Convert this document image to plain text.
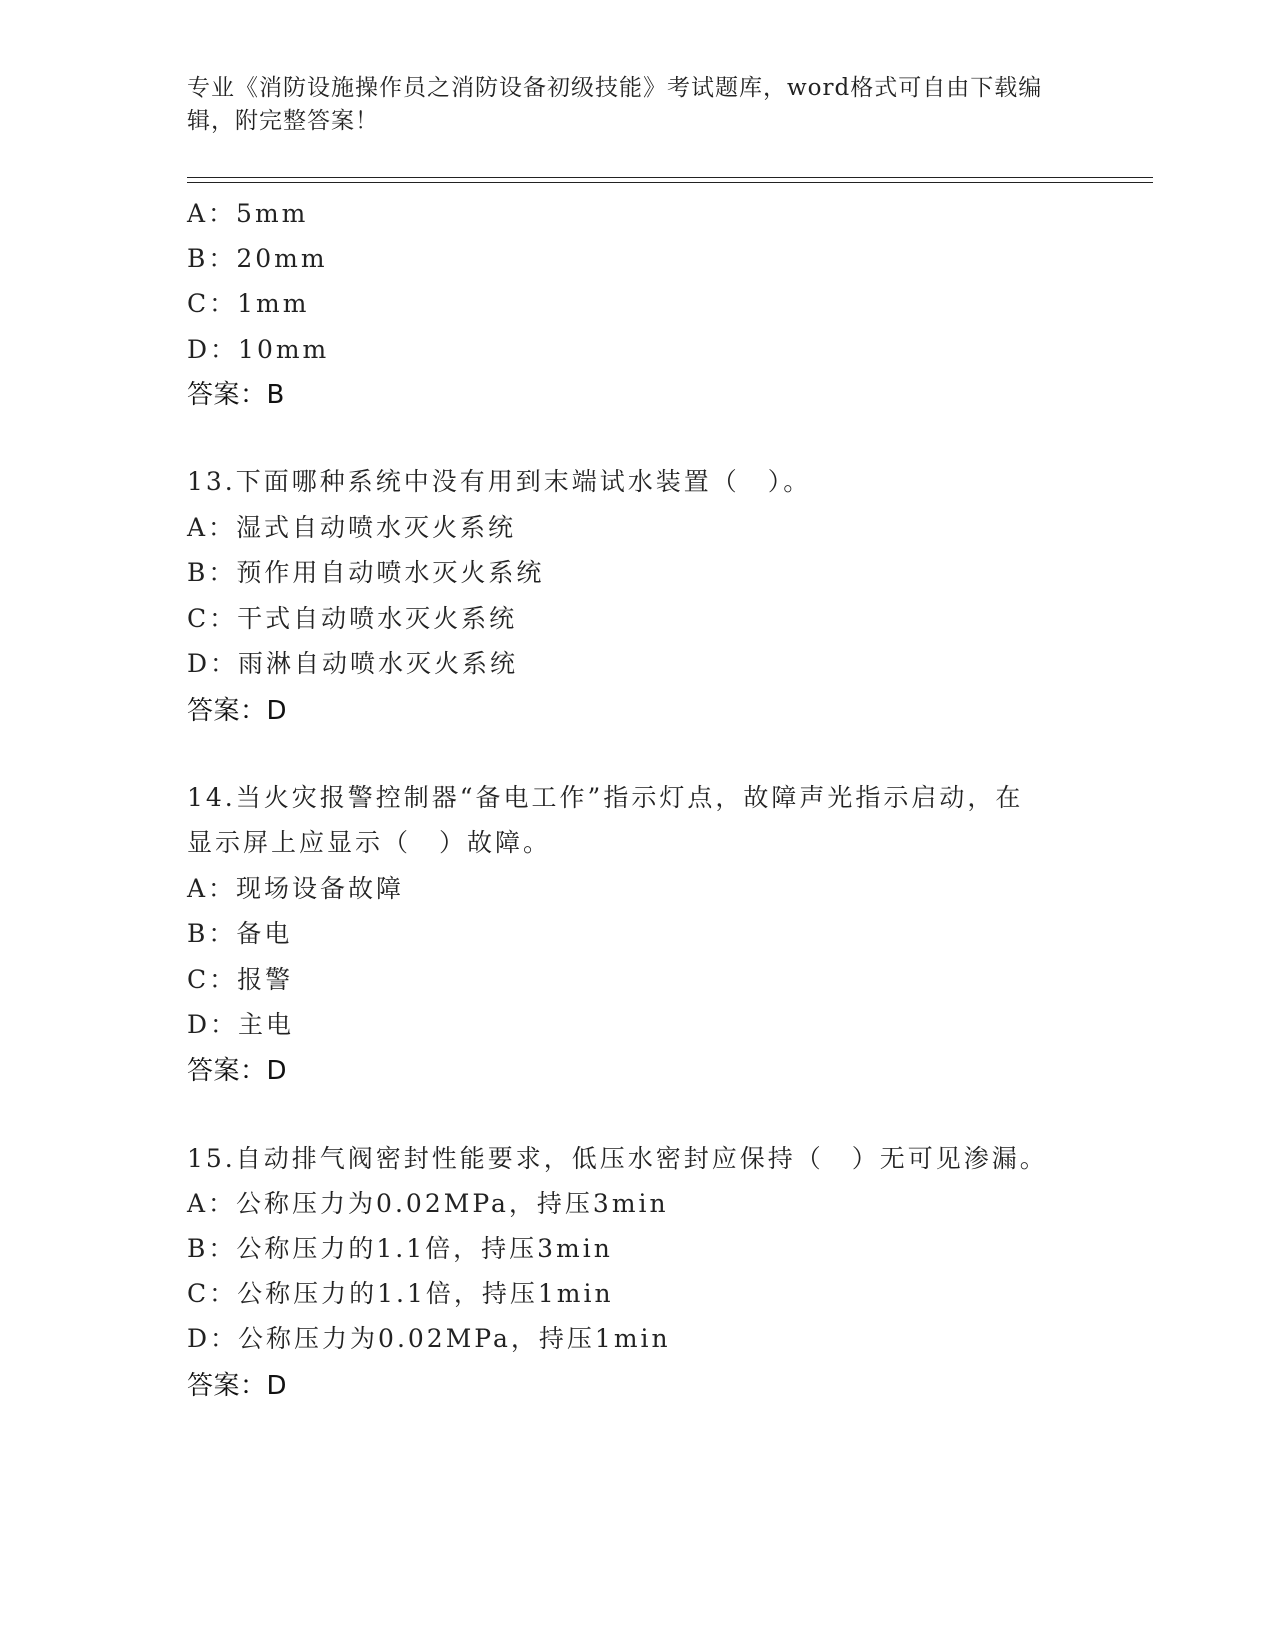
专业《消防设施操作员之消防设备初级技能》考试题库，word格式可自由下载编辑，附完整答案！
A：5mm
B：20mm
C：1mm
D：10mm
答案：B
13.下面哪种系统中没有用到末端试水装置（　）。
A：湿式自动喷水灭火系统
B：预作用自动喷水灭火系统
C：干式自动喷水灭火系统
D：雨淋自动喷水灭火系统
答案：D
14.当火灾报警控制器“备电工作”指示灯点，故障声光指示启动，在
显示屏上应显示（　）故障。
A：现场设备故障
B：备电
C：报警
D：主电
答案：D
15.自动排气阀密封性能要求，低压水密封应保持（　）无可见渗漏。
A：公称压力为0.02MPa，持压3min
B：公称压力的1.1倍，持压3min
C：公称压力的1.1倍，持压1min
D：公称压力为0.02MPa，持压1min
答案：D
